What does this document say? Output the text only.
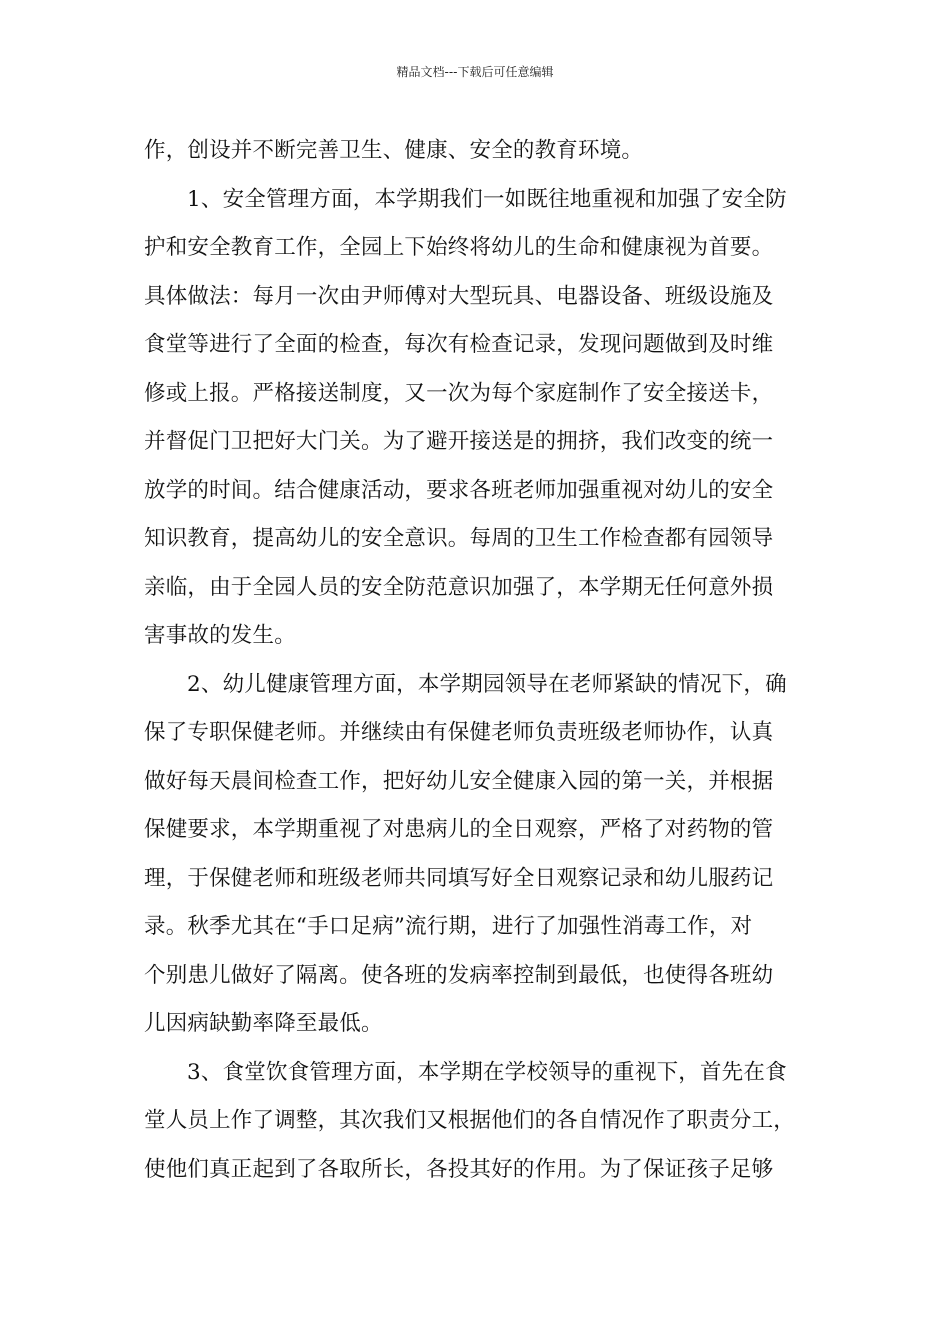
精品文档---下载后可任意编辑
作，创设并不断完善卫生、健康、安全的教育环境。
1、安全管理方面，本学期我们一如既往地重视和加强了安全防
护和安全教育工作，全园上下始终将幼儿的生命和健康视为首要。
具体做法：每月一次由尹师傅对大型玩具、电器设备、班级设施及
食堂等进行了全面的检查，每次有检查记录，发现问题做到及时维
修或上报。严格接送制度，又一次为每个家庭制作了安全接送卡，
并督促门卫把好大门关。为了避开接送是的拥挤，我们改变的统一
放学的时间。结合健康活动，要求各班老师加强重视对幼儿的安全
知识教育，提高幼儿的安全意识。每周的卫生工作检查都有园领导
亲临，由于全园人员的安全防范意识加强了，本学期无任何意外损
害事故的发生。
2、幼儿健康管理方面，本学期园领导在老师紧缺的情况下，确
保了专职保健老师。并继续由有保健老师负责班级老师协作，认真
做好每天晨间检查工作，把好幼儿安全健康入园的第一关，并根据
保健要求，本学期重视了对患病儿的全日观察，严格了对药物的管
理，于保健老师和班级老师共同填写好全日观察记录和幼儿服药记
录。秋季尤其在“手口足病”流行期，进行了加强性消毒工作，对
个别患儿做好了隔离。使各班的发病率控制到最低，也使得各班幼
儿因病缺勤率降至最低。
3、食堂饮食管理方面，本学期在学校领导的重视下，首先在食
堂人员上作了调整，其次我们又根据他们的各自情况作了职责分工，
使他们真正起到了各取所长，各投其好的作用。为了保证孩子足够
